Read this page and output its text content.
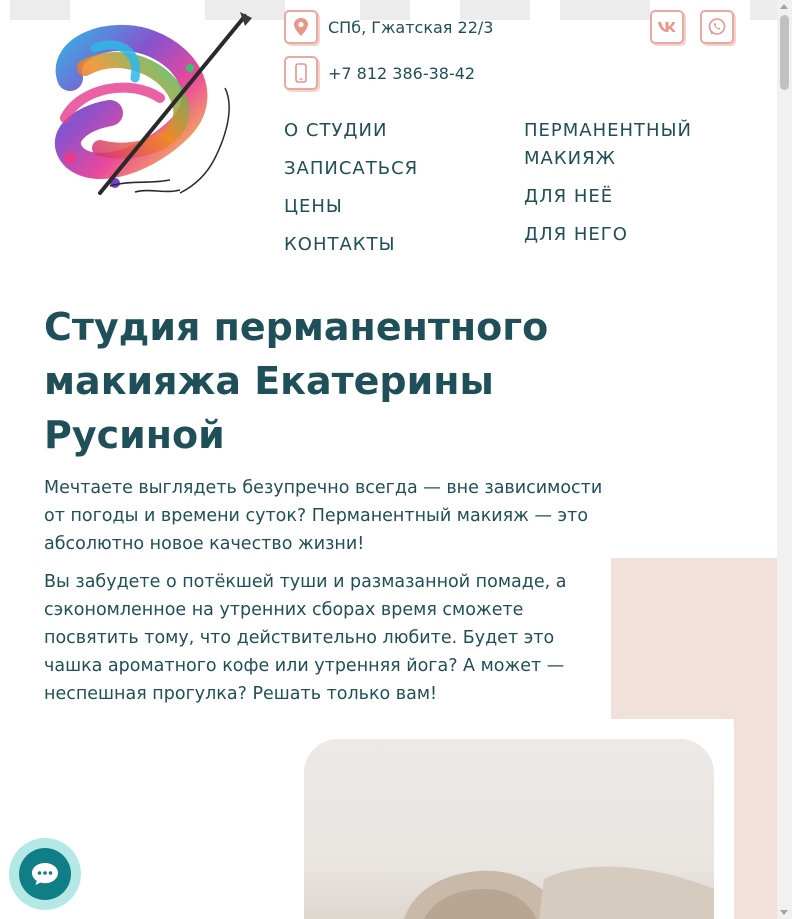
СПб, Гжатская 22/3
+7 812 386-38-42
О СТУДИИ
ЗАПИСАТЬСЯ
ЦЕНЫ
КОНТАКТЫ
ПЕРМАНЕНТНЫЙ МАКИЯЖ
ДЛЯ НЕЁ
ДЛЯ НЕГО
Студия перманентного макияжа Екатерины Русиной

Мечтаете выглядеть безупречно всегда — вне зависимости от погоды и времени суток? Перманентный макияж — это абсолютно новое качество жизни!

Вы забудете о потёкшей туши и размазанной помаде, а сэкономленное на утренних сборах время сможете посвятить тому, что действительно любите. Будет это чашка ароматного кофе или утренняя йога? А может — неспешная прогулка? Решать только вам!
